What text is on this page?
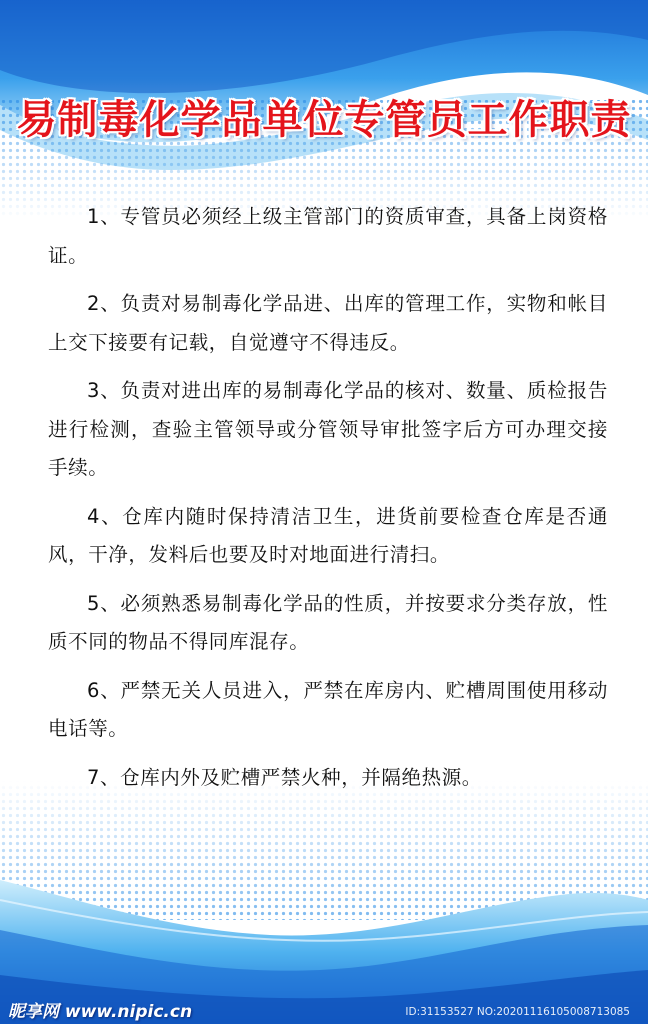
易制毒化学品单位专管员工作职责

1、专管员必须经上级主管部门的资质审查，具备上岗资格证。

2、负责对易制毒化学品进、出库的管理工作，实物和帐目上交下接要有记载，自觉遵守不得违反。

3、负责对进出库的易制毒化学品的核对、数量、质检报告进行检测，查验主管领导或分管领导审批签字后方可办理交接手续。

4、仓库内随时保持清洁卫生，进货前要检查仓库是否通风，干净，发料后也要及时对地面进行清扫。

5、必须熟悉易制毒化学品的性质，并按要求分类存放，性质不同的物品不得同库混存。

6、严禁无关人员进入，严禁在库房内、贮槽周围使用移动电话等。

7、仓库内外及贮槽严禁火种，并隔绝热源。

昵享网 www.nipic.cn	ID:31153527 NO:20201116105008713085
